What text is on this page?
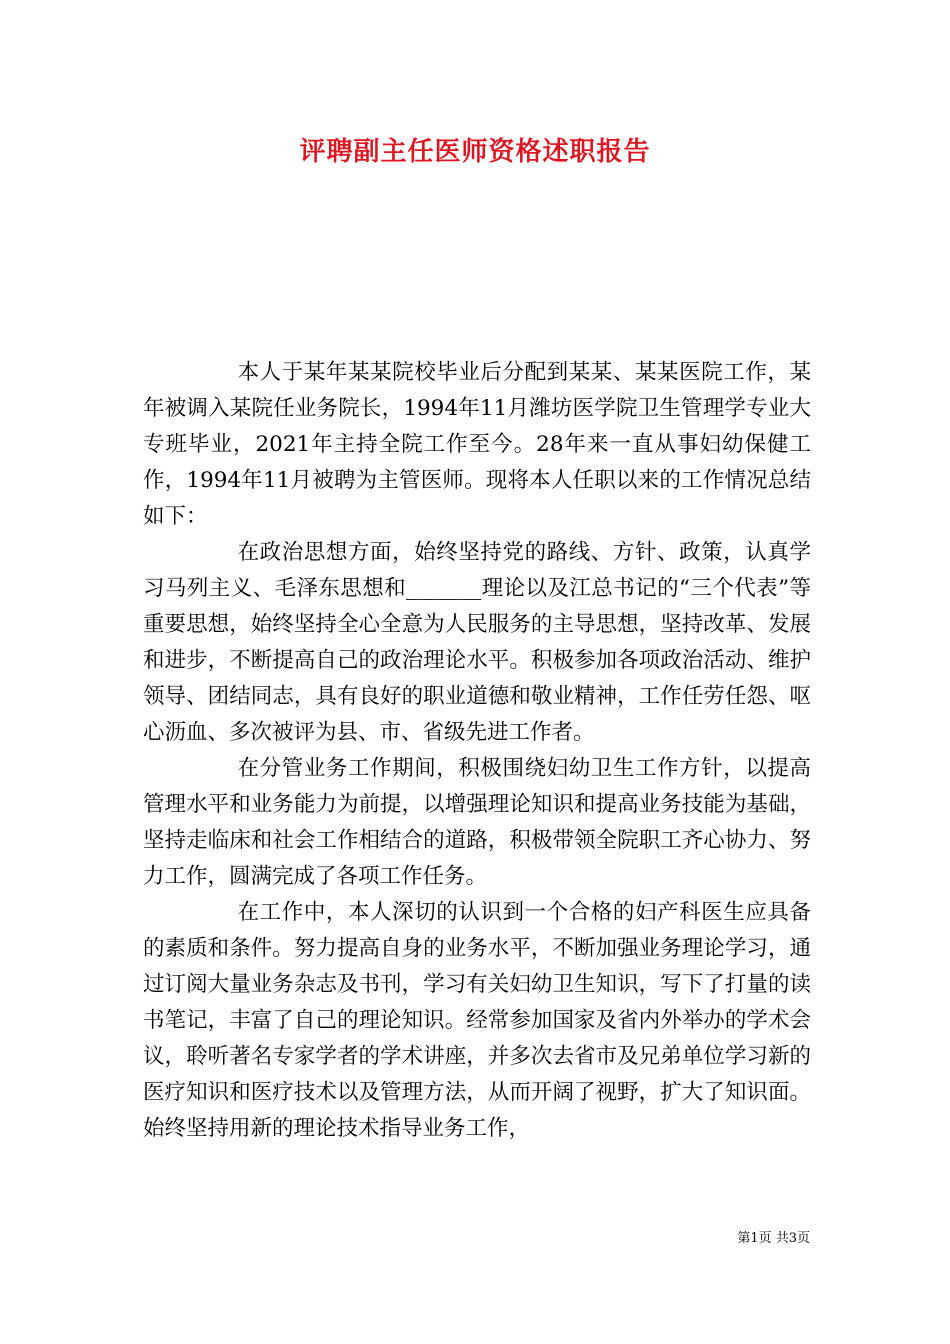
评聘副主任医师资格述职报告

本人于某年某某院校毕业后分配到某某、某某医院工作，某年被调入某院任业务院长，1994年11月潍坊医学院卫生管理学专业大专班毕业，2021年主持全院工作至今。28年来一直从事妇幼保健工作，1994年11月被聘为主管医师。现将本人任职以来的工作情况总结如下：

在政治思想方面，始终坚持党的路线、方针、政策，认真学习马列主义、毛泽东思想和_______理论以及江总书记的“三个代表”等重要思想，始终坚持全心全意为人民服务的主导思想，坚持改革、发展和进步，不断提高自己的政治理论水平。积极参加各项政治活动、维护领导、团结同志，具有良好的职业道德和敬业精神，工作任劳任怨、呕心沥血、多次被评为县、市、省级先进工作者。

在分管业务工作期间，积极围绕妇幼卫生工作方针，以提高管理水平和业务能力为前提，以增强理论知识和提高业务技能为基础，坚持走临床和社会工作相结合的道路，积极带领全院职工齐心协力、努力工作，圆满完成了各项工作任务。

在工作中，本人深切的认识到一个合格的妇产科医生应具备的素质和条件。努力提高自身的业务水平，不断加强业务理论学习，通过订阅大量业务杂志及书刊，学习有关妇幼卫生知识，写下了打量的读书笔记，丰富了自己的理论知识。经常参加国家及省内外举办的学术会议，聆听著名专家学者的学术讲座，并多次去省市及兄弟单位学习新的医疗知识和医疗技术以及管理方法，从而开阔了视野，扩大了知识面。始终坚持用新的理论技术指导业务工作，

第1页 共3页
